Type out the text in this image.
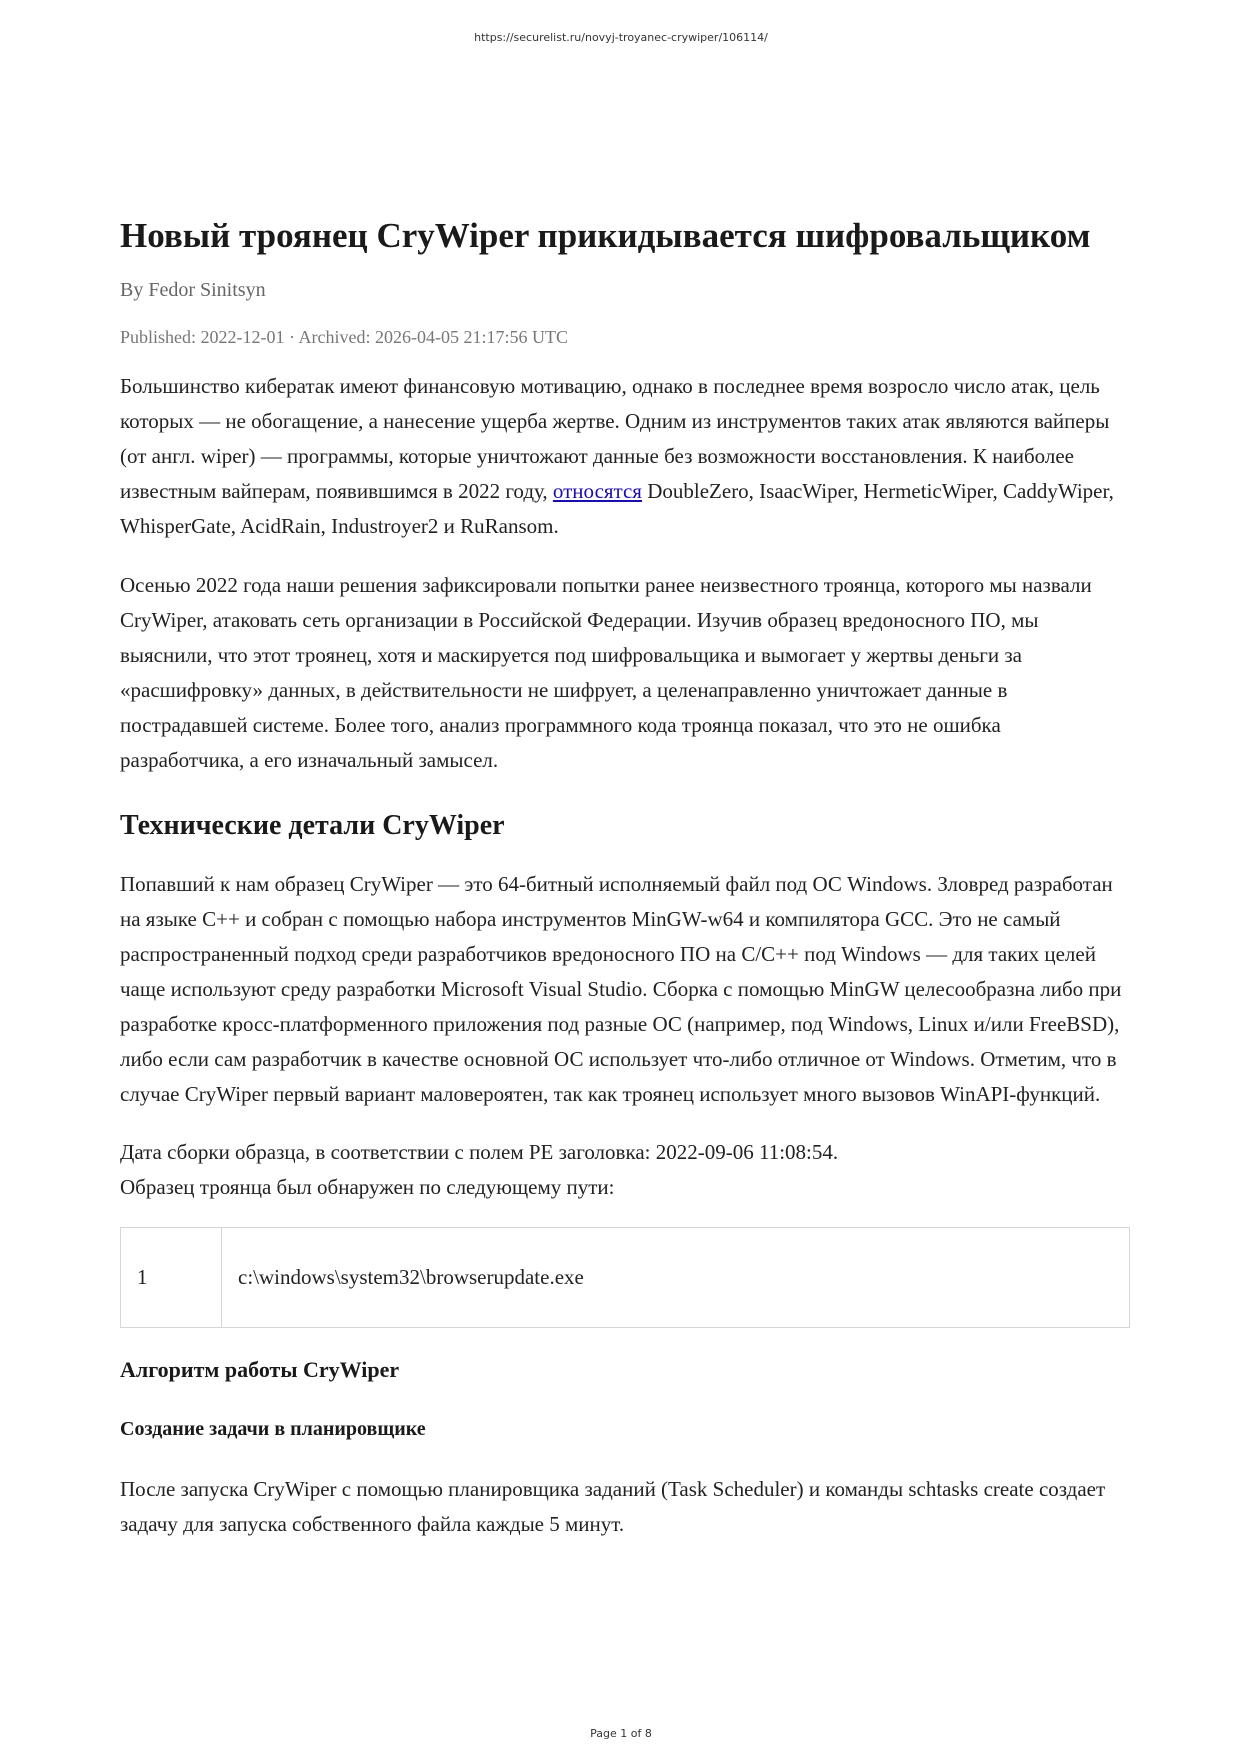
https://securelist.ru/novyj-troyanec-crywiper/106114/
Новый троянец CryWiper прикидывается шифровальщиком
By Fedor Sinitsyn
Published: 2022-12-01 · Archived: 2026-04-05 21:17:56 UTC

Большинство кибератак имеют финансовую мотивацию, однако в последнее время возросло число атак, цель которых — не обогащение, а нанесение ущерба жертве. Одним из инструментов таких атак являются вайперы (от англ. wiper) — программы, которые уничтожают данные без возможности восстановления. К наиболее известным вайперам, появившимся в 2022 году, относятся DoubleZero, IsaacWiper, HermeticWiper, CaddyWiper, WhisperGate, AcidRain, Industroyer2 и RuRansom.

Осенью 2022 года наши решения зафиксировали попытки ранее неизвестного троянца, которого мы назвали CryWiper, атаковать сеть организации в Российской Федерации. Изучив образец вредоносного ПО, мы выяснили, что этот троянец, хотя и маскируется под шифровальщика и вымогает у жертвы деньги за «расшифровку» данных, в действительности не шифрует, а целенаправленно уничтожает данные в пострадавшей системе. Более того, анализ программного кода троянца показал, что это не ошибка разработчика, а его изначальный замысел.

Технические детали CryWiper

Попавший к нам образец CryWiper — это 64-битный исполняемый файл под ОС Windows. Зловред разработан на языке C++ и собран с помощью набора инструментов MinGW-w64 и компилятора GCC. Это не самый распространенный подход среди разработчиков вредоносного ПО на C/C++ под Windows — для таких целей чаще используют среду разработки Microsoft Visual Studio. Сборка с помощью MinGW целесообразна либо при разработке кросс-платформенного приложения под разные ОС (например, под Windows, Linux и/или FreeBSD), либо если сам разработчик в качестве основной ОС использует что-либо отличное от Windows. Отметим, что в случае CryWiper первый вариант маловероятен, так как троянец использует много вызовов WinAPI-функций.

Дата сборки образца, в соответствии с полем PE заголовка: 2022-09-06 11:08:54.
Образец троянца был обнаружен по следующему пути:

1	c:\windows\system32\browserupdate.exe
Алгоритм работы CryWiper
Создание задачи в планировщике

После запуска CryWiper с помощью планировщика заданий (Task Scheduler) и команды schtasks create создает задачу для запуска собственного файла каждые 5 минут.

Page 1 of 8
